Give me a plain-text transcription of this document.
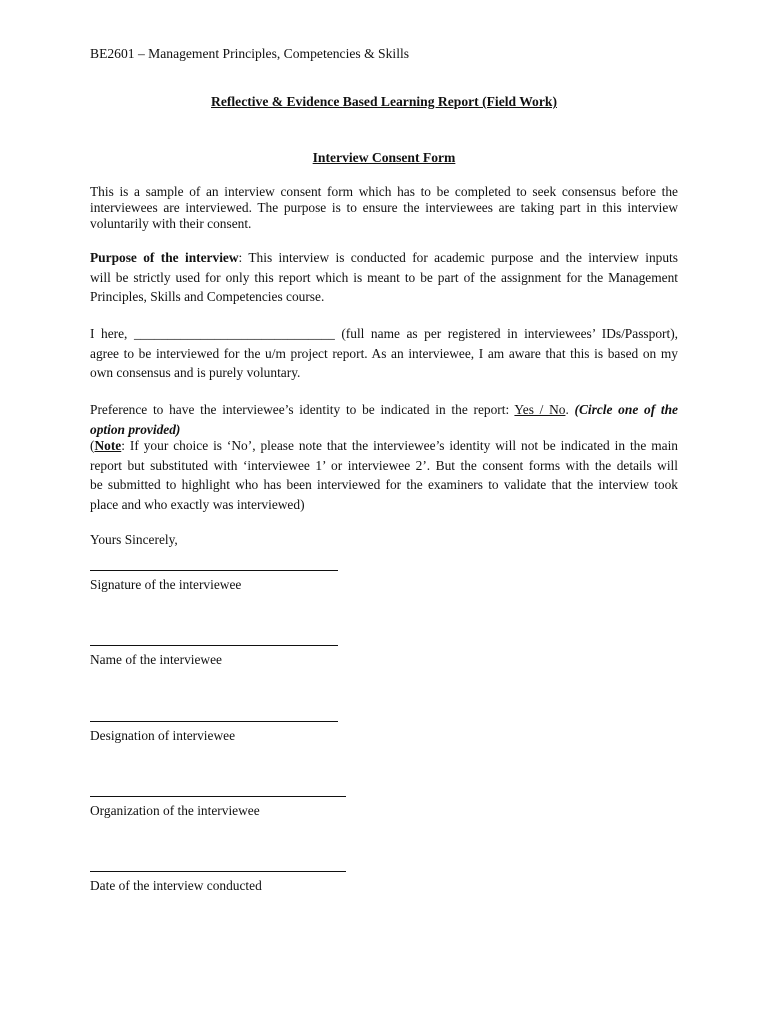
BE2601 – Management Principles, Competencies & Skills
Reflective & Evidence Based Learning Report (Field Work)
Interview Consent Form
This is a sample of an interview consent form which has to be completed to seek consensus before the
interviewees are interviewed. The purpose is to ensure the interviewees are taking part in this interview
voluntarily with their consent.
Purpose of the interview: This interview is conducted for academic purpose and the interview inputs
will be strictly used for only this report which is meant to be part of the assignment for the Management
Principles, Skills and Competencies course.
I here, ______________________________ (full name as per registered in interviewees’ IDs/Passport),
agree to be interviewed for the u/m project report. As an interviewee, I am aware that this is based on my
own consensus and is purely voluntary.
Preference to have the interviewee’s identity to be indicated in the report: Yes / No. (Circle one of the
option provided)
(Note: If your choice is ‘No’, please note that the interviewee’s identity will not be indicated in the main
report but substituted with ‘interviewee 1’ or interviewee 2’. But the consent forms with the details will
be submitted to highlight who has been interviewed for the examiners to validate that the interview took
place and who exactly was interviewed)
Yours Sincerely,
Signature of the interviewee
Name of the interviewee
Designation of interviewee
Organization of the interviewee
Date of the interview conducted
